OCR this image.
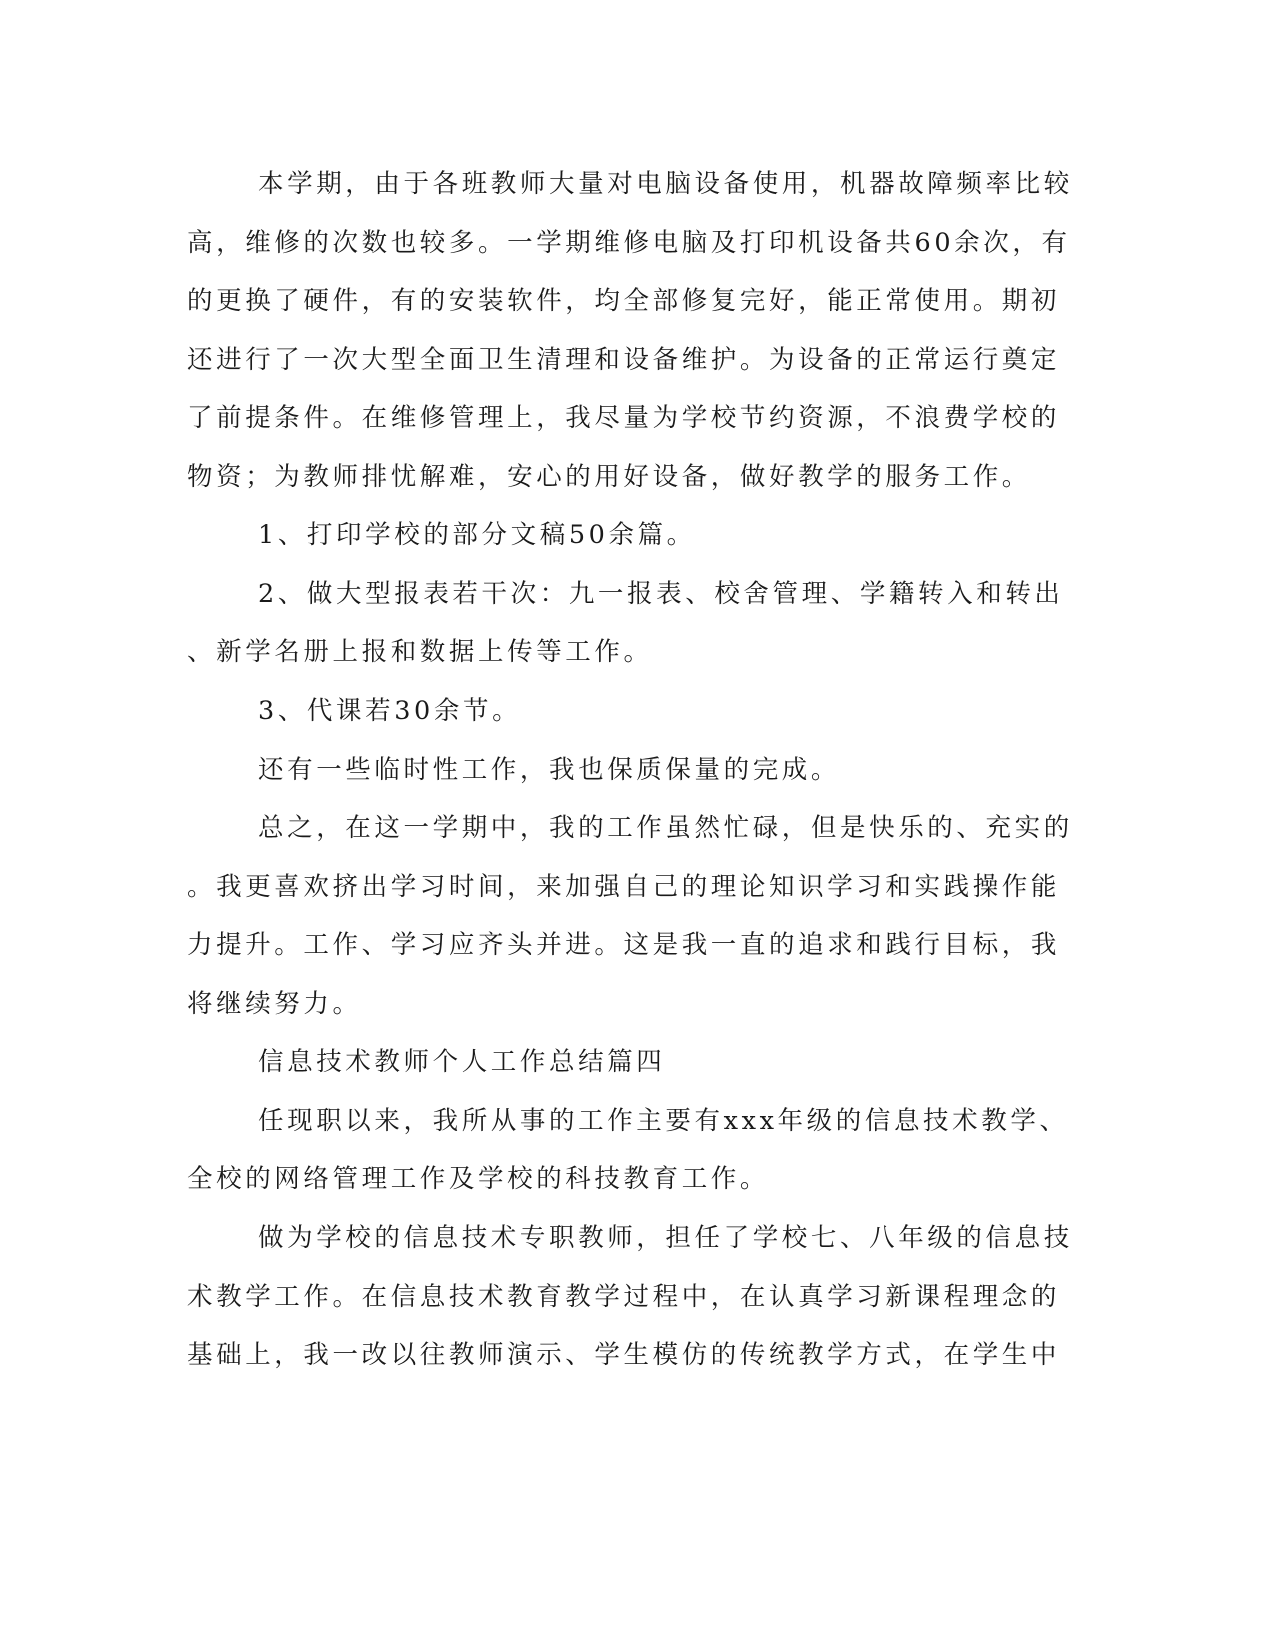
本学期，由于各班教师大量对电脑设备使用，机器故障频率比较
高，维修的次数也较多。一学期维修电脑及打印机设备共60余次，有
的更换了硬件，有的安装软件，均全部修复完好，能正常使用。期初
还进行了一次大型全面卫生清理和设备维护。为设备的正常运行奠定
了前提条件。在维修管理上，我尽量为学校节约资源，不浪费学校的
物资；为教师排忧解难，安心的用好设备，做好教学的服务工作。
1、打印学校的部分文稿50余篇。
2、做大型报表若干次：九一报表、校舍管理、学籍转入和转出
、新学名册上报和数据上传等工作。
3、代课若30余节。
还有一些临时性工作，我也保质保量的完成。
总之，在这一学期中，我的工作虽然忙碌，但是快乐的、充实的
。我更喜欢挤出学习时间，来加强自己的理论知识学习和实践操作能
力提升。工作、学习应齐头并进。这是我一直的追求和践行目标，我
将继续努力。
信息技术教师个人工作总结篇四
任现职以来，我所从事的工作主要有xxx年级的信息技术教学、
全校的网络管理工作及学校的科技教育工作。
做为学校的信息技术专职教师，担任了学校七、八年级的信息技
术教学工作。在信息技术教育教学过程中，在认真学习新课程理念的
基础上，我一改以往教师演示、学生模仿的传统教学方式，在学生中
